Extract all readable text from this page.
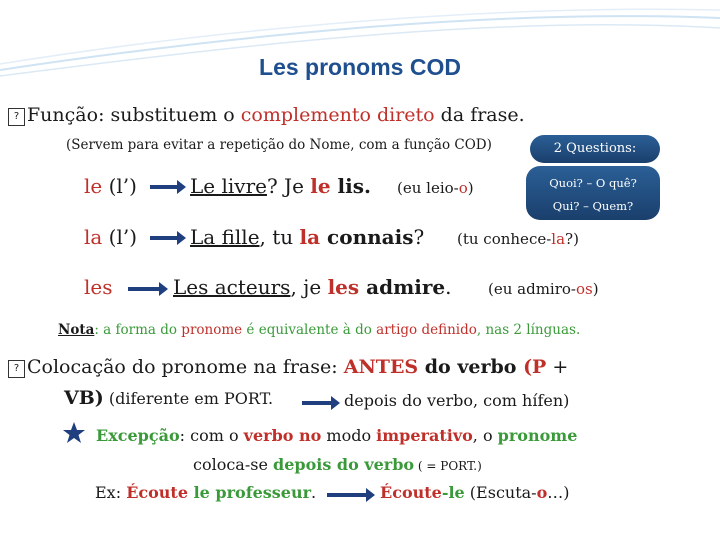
Les pronoms COD
? Função: substituem o complemento direto da frase.
(Servem para evitar a repetição do Nome, com a função COD)	2 Questions:
Quoi? – O quê?
Qui? – Quem?
le (l’)	Le livre? Je le lis. (eu leio-o)
la (l’)	La fille, tu la connais? (tu conhece-la?)
les	Les acteurs, je les admire. (eu admiro-os)
Nota: a forma do pronome é equivalente à do artigo definido, nas 2 línguas.
? Colocação do pronome na frase: ANTES do verbo (P +
VB) (diferente em PORT.	depois do verbo, com hífen)
Excepção: com o verbo no modo imperativo, o pronome
coloca-se depois do verbo ( = PORT.)
Ex: Écoute le professeur.	Écoute-le (Escuta-o…)
